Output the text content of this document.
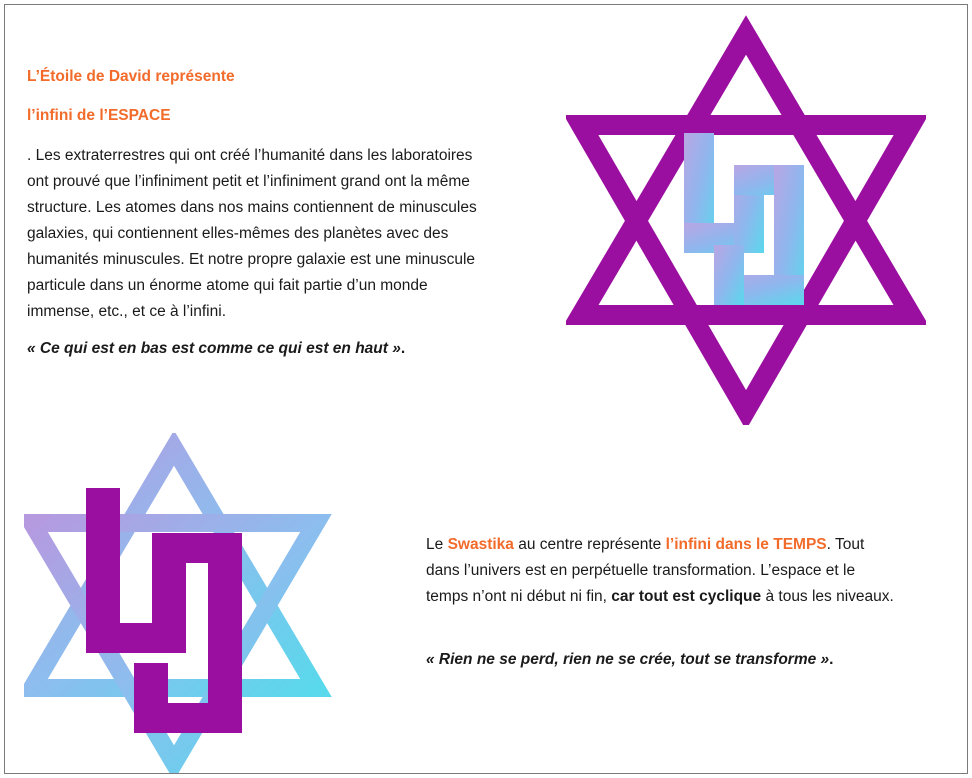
L’Étoile de David représente
l’infini de l’ESPACE
. Les extraterrestres qui ont créé l’humanité dans les laboratoires ont prouvé que l’infiniment petit et l’infiniment grand ont la même structure. Les atomes dans nos mains contiennent de minuscules galaxies, qui contiennent elles-mêmes des planètes avec des humanités minuscules. Et notre propre galaxie est une minuscule particule dans un énorme atome qui fait partie d’un monde immense, etc., et ce à l’infini.
« Ce qui est en bas est comme ce qui est en haut ».
Le Swastika au centre représente l’infini dans le TEMPS. Tout dans l’univers est en perpétuelle transformation. L’espace et le temps n’ont ni début ni fin, car tout est cyclique à tous les niveaux.
« Rien ne se perd, rien ne se crée, tout se transforme ».
